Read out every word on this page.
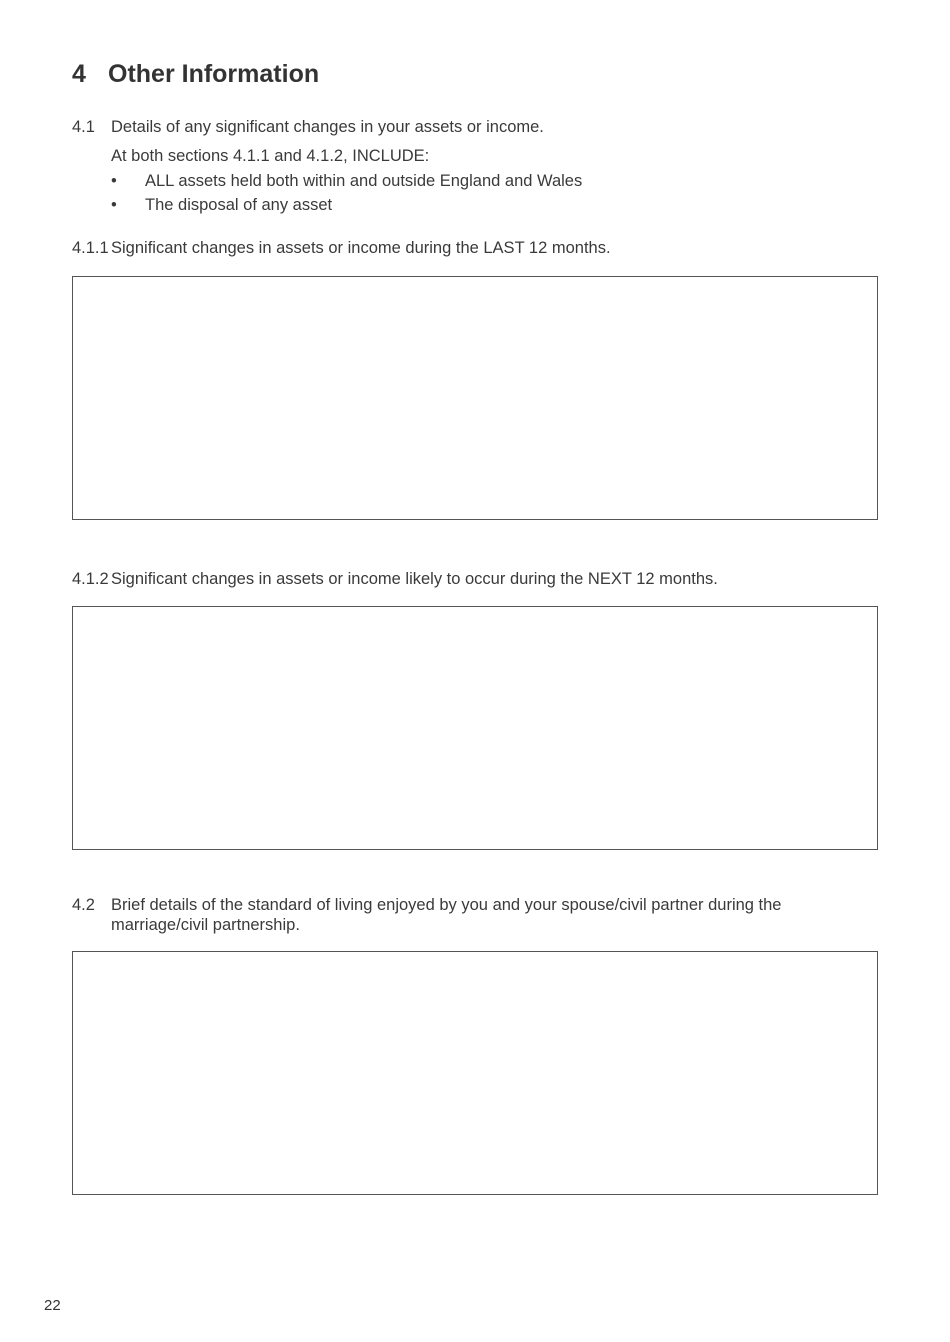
4 Other Information
4.1 Details of any significant changes in your assets or income.
At both sections 4.1.1 and 4.1.2, INCLUDE:
• ALL assets held both within and outside England and Wales
• The disposal of any asset
4.1.1 Significant changes in assets or income during the LAST 12 months.
4.1.2 Significant changes in assets or income likely to occur during the NEXT 12 months.
4.2 Brief details of the standard of living enjoyed by you and your spouse/civil partner during the
marriage/civil partnership.
22
